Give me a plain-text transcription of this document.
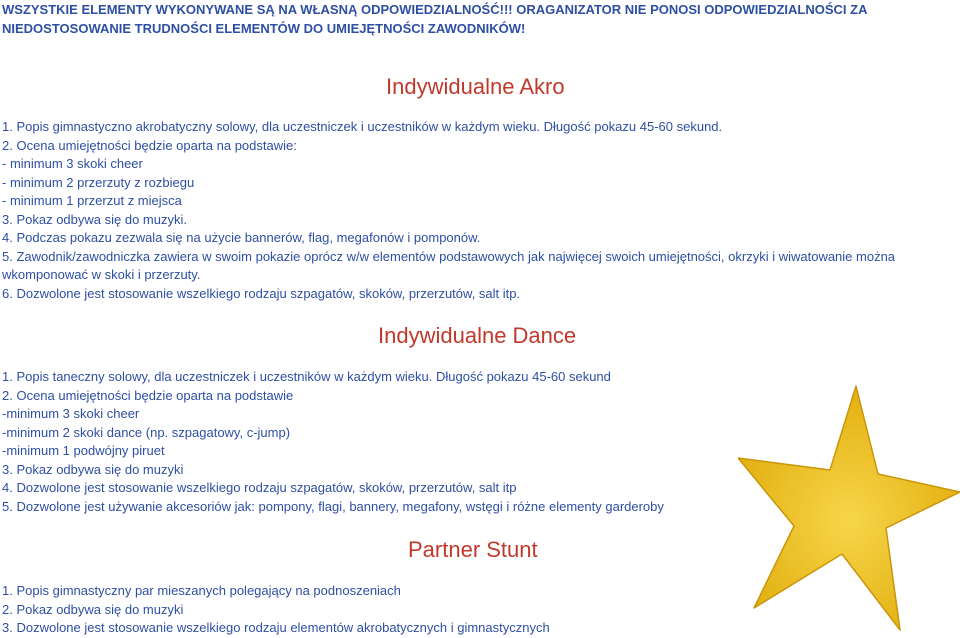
WSZYSTKIE ELEMENTY WYKONYWANE SĄ NA WŁASNĄ ODPOWIEDZIALNOŚĆ!!! ORAGANIZATOR NIE PONOSI ODPOWIEDZIALNOŚCI ZA NIEDOSTOSOWANIE TRUDNOŚCI ELEMENTÓW DO UMIEJĘTNOŚCI ZAWODNIKÓW!
Indywidualne Akro
1. Popis gimnastyczno akrobatyczny solowy, dla uczestniczek i uczestników w każdym wieku. Długość pokazu 45-60 sekund.
2. Ocena umiejętności będzie oparta na podstawie:
- minimum 3 skoki cheer
- minimum 2 przerzuty z rozbiegu
- minimum 1 przerzut z miejsca
3. Pokaz odbywa się do muzyki.
4. Podczas pokazu zezwala się na użycie bannerów, flag, megafonów i pomponów.
5. Zawodnik/zawodniczka zawiera w swoim pokazie oprócz w/w elementów podstawowych jak najwięcej swoich umiejętności, okrzyki i wiwatowanie można wkomponować w skoki i przerzuty.
6. Dozwolone jest stosowanie wszelkiego rodzaju szpagatów, skoków, przerzutów, salt itp.
Indywidualne Dance
1. Popis taneczny solowy, dla uczestniczek i uczestników w każdym wieku. Długość pokazu 45-60 sekund
2. Ocena umiejętności będzie oparta na podstawie
-minimum 3 skoki cheer
-minimum 2 skoki dance (np. szpagatowy, c-jump)
-minimum 1 podwójny piruet
3. Pokaz odbywa się do muzyki
4. Dozwolone jest stosowanie wszelkiego rodzaju szpagatów, skoków, przerzutów, salt itp
5. Dozwolone jest używanie akcesoriów jak: pompony, flagi, bannery, megafony, wstęgi i różne elementy garderoby
Partner Stunt
1. Popis gimnastyczny par mieszanych polegający na podnoszeniach
2. Pokaz odbywa się do muzyki
3. Dozwolone jest stosowanie wszelkiego rodzaju elementów akrobatycznych i gimnastycznych
